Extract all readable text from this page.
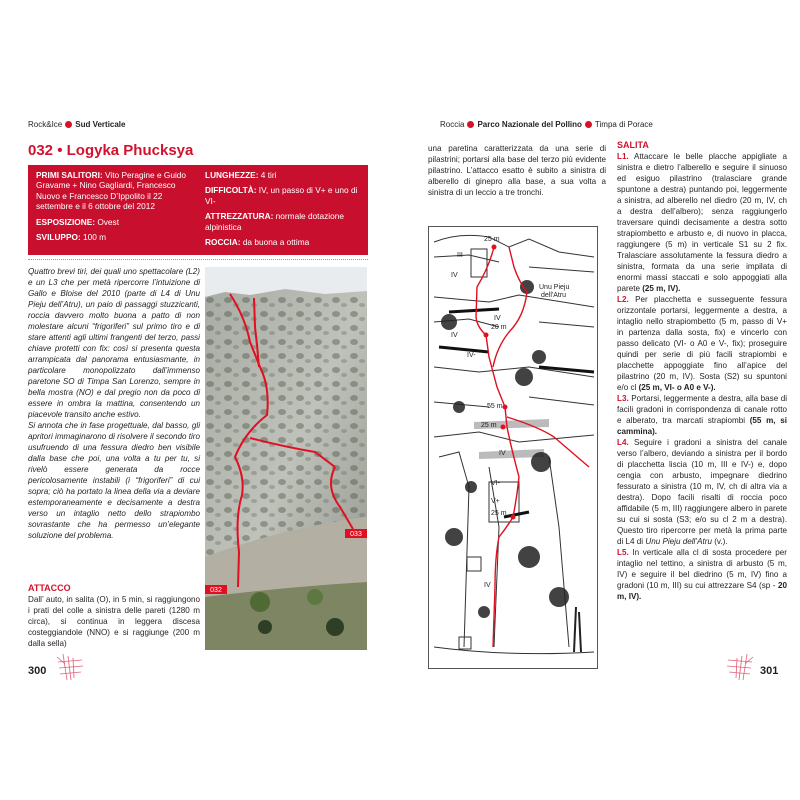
Rock&Ice Sud Verticale
032 • Logyka Phucksya

PRIMI SALITORI: Vito Peragine e Guido Gravame + Nino Gagliardi, Francesco Nuovo e Francesco D’Ippolito il 22 settembre e il 6 ottobre del 2012

ESPOSIZIONE: Ovest

SVILUPPO: 100 m

LUNGHEZZE: 4 tiri

DIFFICOLTÀ: IV, un passo di V+ e uno di VI-

ATTREZZATURA: normale dotazione alpinistica

ROCCIA: da buona a ottima

Quattro brevi tiri, dei quali uno spettacolare (L2) e un L3 che per metà ripercorre l’intuizione di Gallo e Bloise del 2010 (parte di L4 di Unu Pieju dell’Atru), un paio di passaggi stuzzicanti, roccia davvero molto buona a patto di non molestare alcuni “frigoriferi” sul primo tiro e di stare attenti agli ultimi frangenti del terzo, passi chiave protetti con fix: così si presenta questa arrampicata dal panorama entusiasmante, in particolare monopolizzato dall’immenso paretone SO di Timpa San Lorenzo, sempre in bella mostra (NO) e dal pregio non da poco di essere in ombra la mattina, consentendo un piacevole transito anche estivo.

Si annota che in fase progettuale, dal basso, gli apritori immaginarono di risolvere il secondo tiro usufruendo di una fessura diedro ben visibile dalla base che poi, una volta a tu per tu, si rivelò essere generata da rocce pericolosamente instabili (i “frigoriferi” di cui sopra; ciò ha portato la linea della via a deviare estemporaneamente e decisamente a destra verso un intaglio netto dello strapiombo sovrastante che ha permesso un’elegante soluzione del problema.

ATTACCO

Dall’ auto, in salita (O), in 5 min, si raggiungono i prati del colle a sinistra delle pareti (1280 m circa), si continua in leggera discesa costeggiandole (NNO) e si raggiunge (200 m dalla sella)

032
033
300
Roccia Parco Nazionale del Pollino Timpa di Porace

una paretina caratterizzata da una serie di pilastrini; portarsi alla base del terzo più evidente pilastrino. L’attacco esatto è subito a sinistra di alberello di ginepro alla base, a sua volta a sinistra di un leccio a tre tronchi.

25 m
III
IV
Unu Pieju
dell'Atru
IV
20 m
IV
IV-
55 m
25 m
IV
VI-
V+
25 m
IV

SALITA

L1. Attaccare le belle placche appigliate a sinistra e dietro l’alberello e seguire il sinuoso ed esiguo pilastrino (tralasciare grande spuntone a destra) puntando poi, leggermente a sinistra, ad alberello nel diedro (20 m, IV, ch a destra dell’albero); senza raggiungerlo traversare quindi decisamente a destra sotto strapiombetto e arbusto e, di nuovo in placca, raggiungere (5 m) in verticale S1 su 2 fix. Tralasciare assolutamente la fessura diedro a sinistra, formata da una serie impilata di enormi massi staccati e solo appoggiati alla parete (25 m, IV).

L2. Per placchetta e susseguente fessura orizzontale portarsi, leggermente a destra, a intaglio nello strapiombetto (5 m, passo di V+ in partenza dalla sosta, fix) e vincerlo con passo delicato (VI- o A0 e V-, fix); proseguire quindi per serie di più facili strapiombi e placchette appoggiate fino all’apice del pilastrino (20 m, IV). Sosta (S2) su spuntoni e/o cl (25 m, VI- o A0 e V-).

L3. Portarsi, leggermente a destra, alla base di facili gradoni in corrispondenza di canale rotto e alberato, tra marcati strapiombi (55 m, si cammina).

L4. Seguire i gradoni a sinistra del canale verso l’albero, deviando a sinistra per il bordo di placchetta liscia (10 m, III e IV-) e, dopo cengia con arbusto, impegnare diedrino fessurato a sinistra (10 m, IV, ch di altra via a destra). Dopo facili risalti di roccia poco affidabile (5 m, III) raggiungere albero in parete su cui si sosta (S3; e/o su cl 2 m a destra). Questo tiro ripercorre per metà la prima parte di L4 di Unu Pieju dell’Atru (v.).

L5. In verticale alla cl di sosta procedere per intaglio nel tettino, a sinistra di arbusto (5 m, IV) e seguire il bel diedrino (5 m, IV) fino a gradoni (10 m, III) su cui attrezzare S4 (sp - 20 m, IV).

301
